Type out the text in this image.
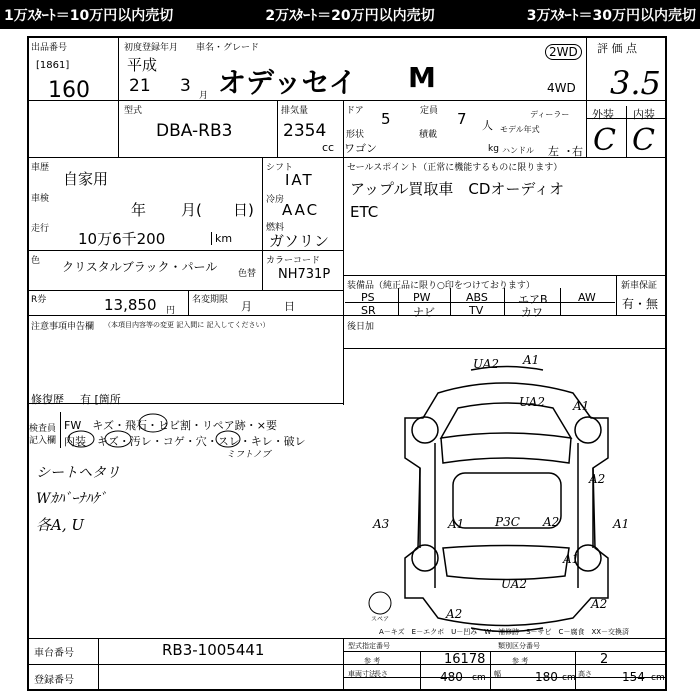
1万ｽﾀｰﾄ＝10万円以内売切	2万ｽﾀｰﾄ＝20万円以内売切	3万ｽﾀｰﾄ＝30万円以内売切
出品番号
[1861]
160
初度登録年月 車名・グレード
平成
21 3 月 オデッセイ M
2WD
4WD
評 価 点
3.5
型式
DBA-RB3
排気量
2354
cc
ドア 5	定員 7 人
形状
ワゴン
積載
kg
ディーラー
モデル年式
ハンドル 左 ・
右
外装 内装
C C
車歴
自家用
車検
年 月( 日)
走行
10万6千200	km
シフト
IAT
冷房
AAC
燃料
ガソリン
色 クリスタルブラック・パール	色替
カラーコード
NH731P
R券	13,850 円
名変期限 月	日
セールスポイント（正常に機能するものに限ります）
アップル買取車　CDオーディオ
ETC
装備品（純正品に限り○印をつけております）	新車保証
有・無
PS	PW	ABS	エアB	AW
SR	ナビ	TV	カワ
注意事項申告欄 （本項目内容等の変更 記入間に 記入してください）
修復歴 有 [箇所
後日加
検査員
記入欄
FW　キズ・飛石・ヒビ割・リペア跡・×要
内装　キズ・汚レ・コゲ・穴・スレ・キレ・破レ
ミフトノブ
シートヘタリ
Wｶﾊﾞｰﾅﾊｹﾞ
各A, U
UA2 A1
UA2
A2
A3	A1	P3C A2	A1
UA2
A2
A1
A1
A2
スペア
A－キズ　E－エクボ　U－凹み　W－補修跡　S－サビ　C－腐食　XX－交換済
車台番号	RB3-1005441
登録番号
型式指定番号
16178
類別区分番号
2
参 考	参 考
車両寸法
長さ	480 cm 幅	180 cm 高さ	154 cm
